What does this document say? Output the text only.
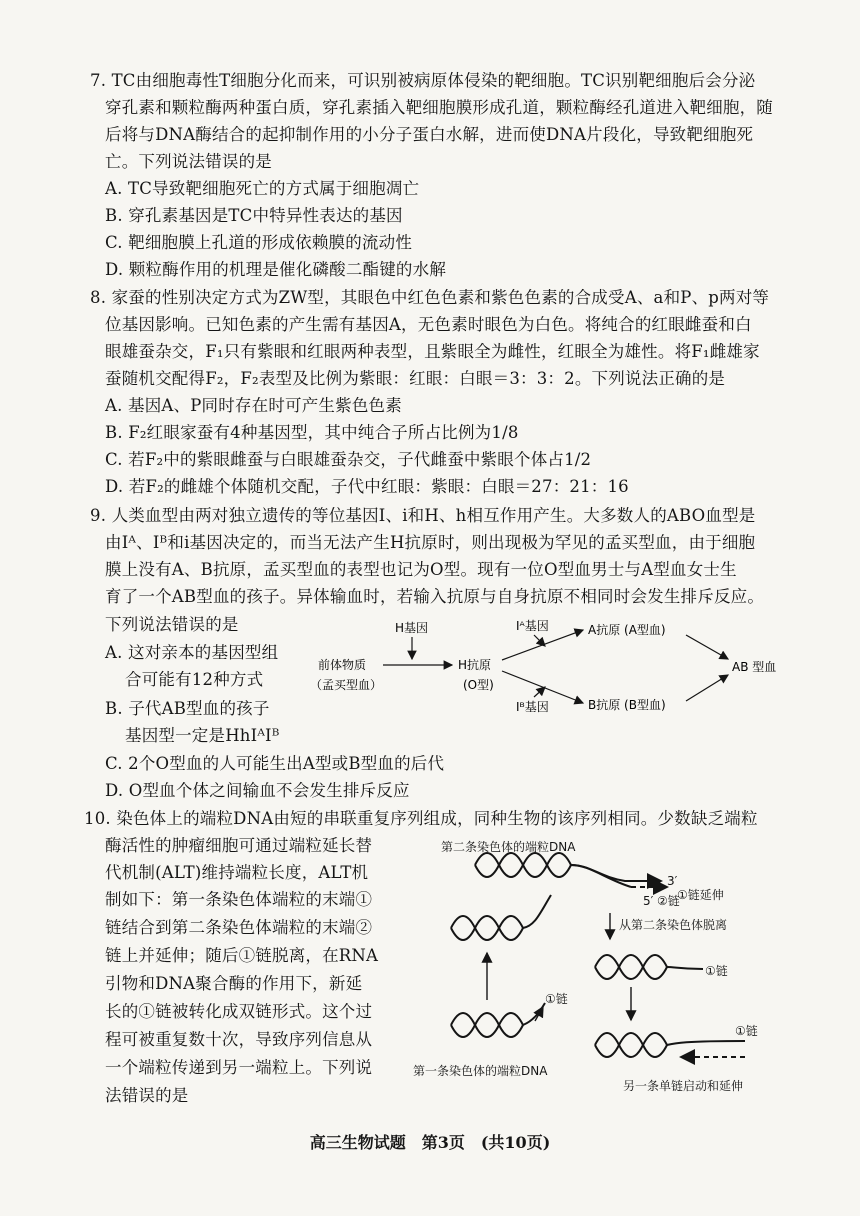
7. TC由细胞毒性T细胞分化而来，可识别被病原体侵染的靶细胞。TC识别靶细胞后会分泌
穿孔素和颗粒酶两种蛋白质，穿孔素插入靶细胞膜形成孔道，颗粒酶经孔道进入靶细胞，随
后将与DNA酶结合的起抑制作用的小分子蛋白水解，进而使DNA片段化，导致靶细胞死
亡。下列说法错误的是
A. TC导致靶细胞死亡的方式属于细胞凋亡
B. 穿孔素基因是TC中特异性表达的基因
C. 靶细胞膜上孔道的形成依赖膜的流动性
D. 颗粒酶作用的机理是催化磷酸二酯键的水解
8. 家蚕的性别决定方式为ZW型，其眼色中红色色素和紫色色素的合成受A、a和P、p两对等
位基因影响。已知色素的产生需有基因A，无色素时眼色为白色。将纯合的红眼雌蚕和白
眼雄蚕杂交，F₁只有紫眼和红眼两种表型，且紫眼全为雌性，红眼全为雄性。将F₁雌雄家
蚕随机交配得F₂，F₂表型及比例为紫眼：红眼：白眼＝3：3：2。下列说法正确的是
A. 基因A、P同时存在时可产生紫色色素
B. F₂红眼家蚕有4种基因型，其中纯合子所占比例为1/8
C. 若F₂中的紫眼雌蚕与白眼雄蚕杂交，子代雌蚕中紫眼个体占1/2
D. 若F₂的雌雄个体随机交配，子代中红眼：紫眼：白眼＝27：21：16
9. 人类血型由两对独立遗传的等位基因I、i和H、h相互作用产生。大多数人的ABO血型是
由Iᴬ、Iᴮ和i基因决定的，而当无法产生H抗原时，则出现极为罕见的孟买型血，由于细胞
膜上没有A、B抗原，孟买型血的表型也记为O型。现有一位O型血男士与A型血女士生
育了一个AB型血的孩子。异体输血时，若输入抗原与自身抗原不相同时会发生排斥反应。
下列说法错误的是
A. 这对亲本的基因型组
合可能有12种方式
B. 子代AB型血的孩子
基因型一定是HhIᴬIᴮ
C. 2个O型血的人可能生出A型或B型血的后代
D. O型血个体之间输血不会发生排斥反应
H基因
前体物质
（孟买型血）
H抗原
(O型)
Iᴬ基因
Iᴮ基因
A抗原 (A型血)
B抗原 (B型血)
AB 型血
10. 染色体上的端粒DNA由短的串联重复序列组成，同种生物的该序列相同。少数缺乏端粒
酶活性的肿瘤细胞可通过端粒延长替
代机制(ALT)维持端粒长度，ALT机
制如下：第一条染色体端粒的末端①
链结合到第二条染色体端粒的末端②
链上并延伸；随后①链脱离，在RNA
引物和DNA聚合酶的作用下，新延
长的①链被转化成双链形式。这个过
程可被重复数十次，导致序列信息从
一个端粒传递到另一端粒上。下列说
法错误的是
第二条染色体的端粒DNA
3′
①链延伸
5′ ②链
从第二条染色体脱离
①链
①链
①链
第一条染色体的端粒DNA
另一条单链启动和延伸
高三生物试题　第3页　(共10页)
